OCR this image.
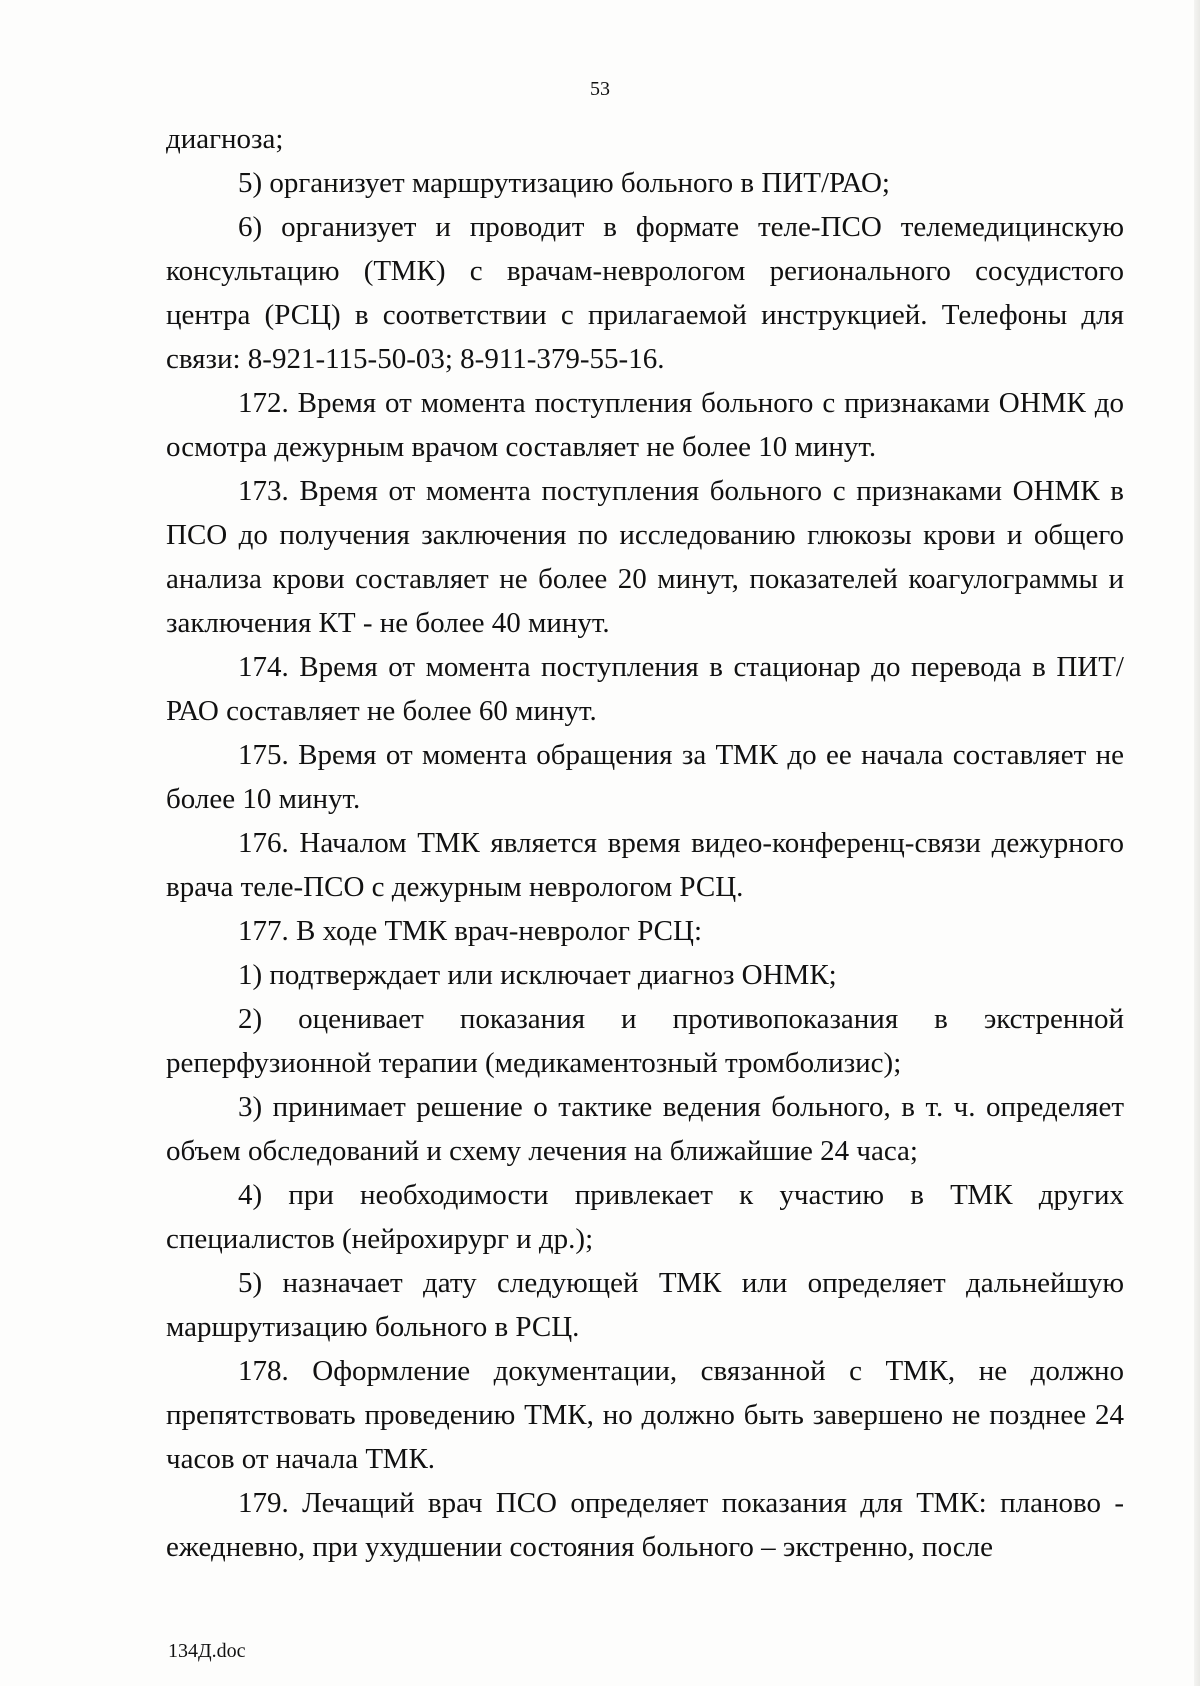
53

диагноза;

5) организует маршрутизацию больного в ПИТ/РАО;

6) организует и проводит в формате теле-ПСО телемедицинскую консультацию (ТМК) с врачам-неврологом регионального сосудистого центра (РСЦ) в соответствии с прилагаемой инструкцией. Телефоны для связи: 8-921-115-50-03; 8-911-379-55-16.

172. Время от момента поступления больного с признаками ОНМК до осмотра дежурным врачом составляет не более 10 минут.

173. Время от момента поступления больного с признаками ОНМК в ПСО до получения заключения по исследованию глюкозы крови и общего анализа крови составляет не более 20 минут, показателей коагулограммы и заключения КТ - не более 40 минут.

174. Время от момента поступления в стационар до перевода в ПИТ/РАО составляет не более 60 минут.

175. Время от момента обращения за ТМК до ее начала составляет не более 10 минут.

176. Началом ТМК является время видео-конференц-связи дежурного врача теле-ПСО с дежурным неврологом РСЦ.

177. В ходе ТМК врач-невролог РСЦ:

1) подтверждает или исключает диагноз ОНМК;

2) оценивает показания и противопоказания в экстренной реперфузионной терапии (медикаментозный тромболизис);

3) принимает решение о тактике ведения больного, в т. ч. определяет объем обследований и схему лечения на ближайшие 24 часа;

4) при необходимости привлекает к участию в ТМК других специалистов (нейрохирург и др.);

5) назначает дату следующей ТМК или определяет дальнейшую маршрутизацию больного в РСЦ.

178. Оформление документации, связанной с ТМК, не должно препятствовать проведению ТМК, но должно быть завершено не позднее 24 часов от начала ТМК.

179. Лечащий врач ПСО определяет показания для ТМК: планово - ежедневно, при ухудшении состояния больного – экстренно, после

134Д.doc
